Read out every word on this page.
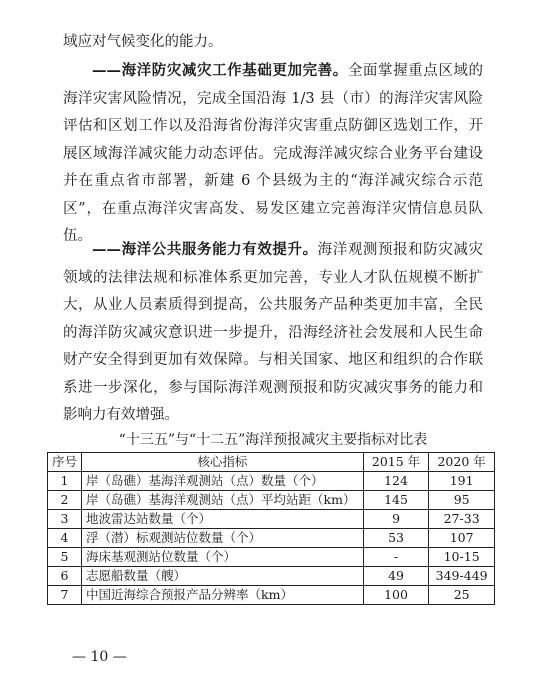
域应对气候变化的能力。

——海洋防灾减灾工作基础更加完善。全面掌握重点区域的海洋灾害风险情况，完成全国沿海 1/3 县（市）的海洋灾害风险评估和区划工作以及沿海省份海洋灾害重点防御区选划工作，开展区域海洋减灾能力动态评估。完成海洋减灾综合业务平台建设并在重点省市部署，新建 6 个县级为主的“海洋减灾综合示范区”，在重点海洋灾害高发、易发区建立完善海洋灾情信息员队伍。

——海洋公共服务能力有效提升。海洋观测预报和防灾减灾领域的法律法规和标准体系更加完善，专业人才队伍规模不断扩大，从业人员素质得到提高，公共服务产品种类更加丰富，全民的海洋防灾减灾意识进一步提升，沿海经济社会发展和人民生命财产安全得到更加有效保障。与相关国家、地区和组织的合作联系进一步深化，参与国际海洋观测预报和防灾减灾事务的能力和影响力有效增强。

“十三五”与“十二五”海洋预报减灾主要指标对比表
序号	核心指标	2015 年	2020 年
1	岸（岛礁）基海洋观测站（点）数量（个）	124	191
2	岸（岛礁）基海洋观测站（点）平均站距（km）	145	95
3	地波雷达站数量（个）	9	27-33
4	浮（潜）标观测站位数量（个）	53	107
5	海床基观测站位数量（个）	-	10-15
6	志愿船数量（艘）	49	349-449
7	中国近海综合预报产品分辨率（km）	100	25
— 10 —
